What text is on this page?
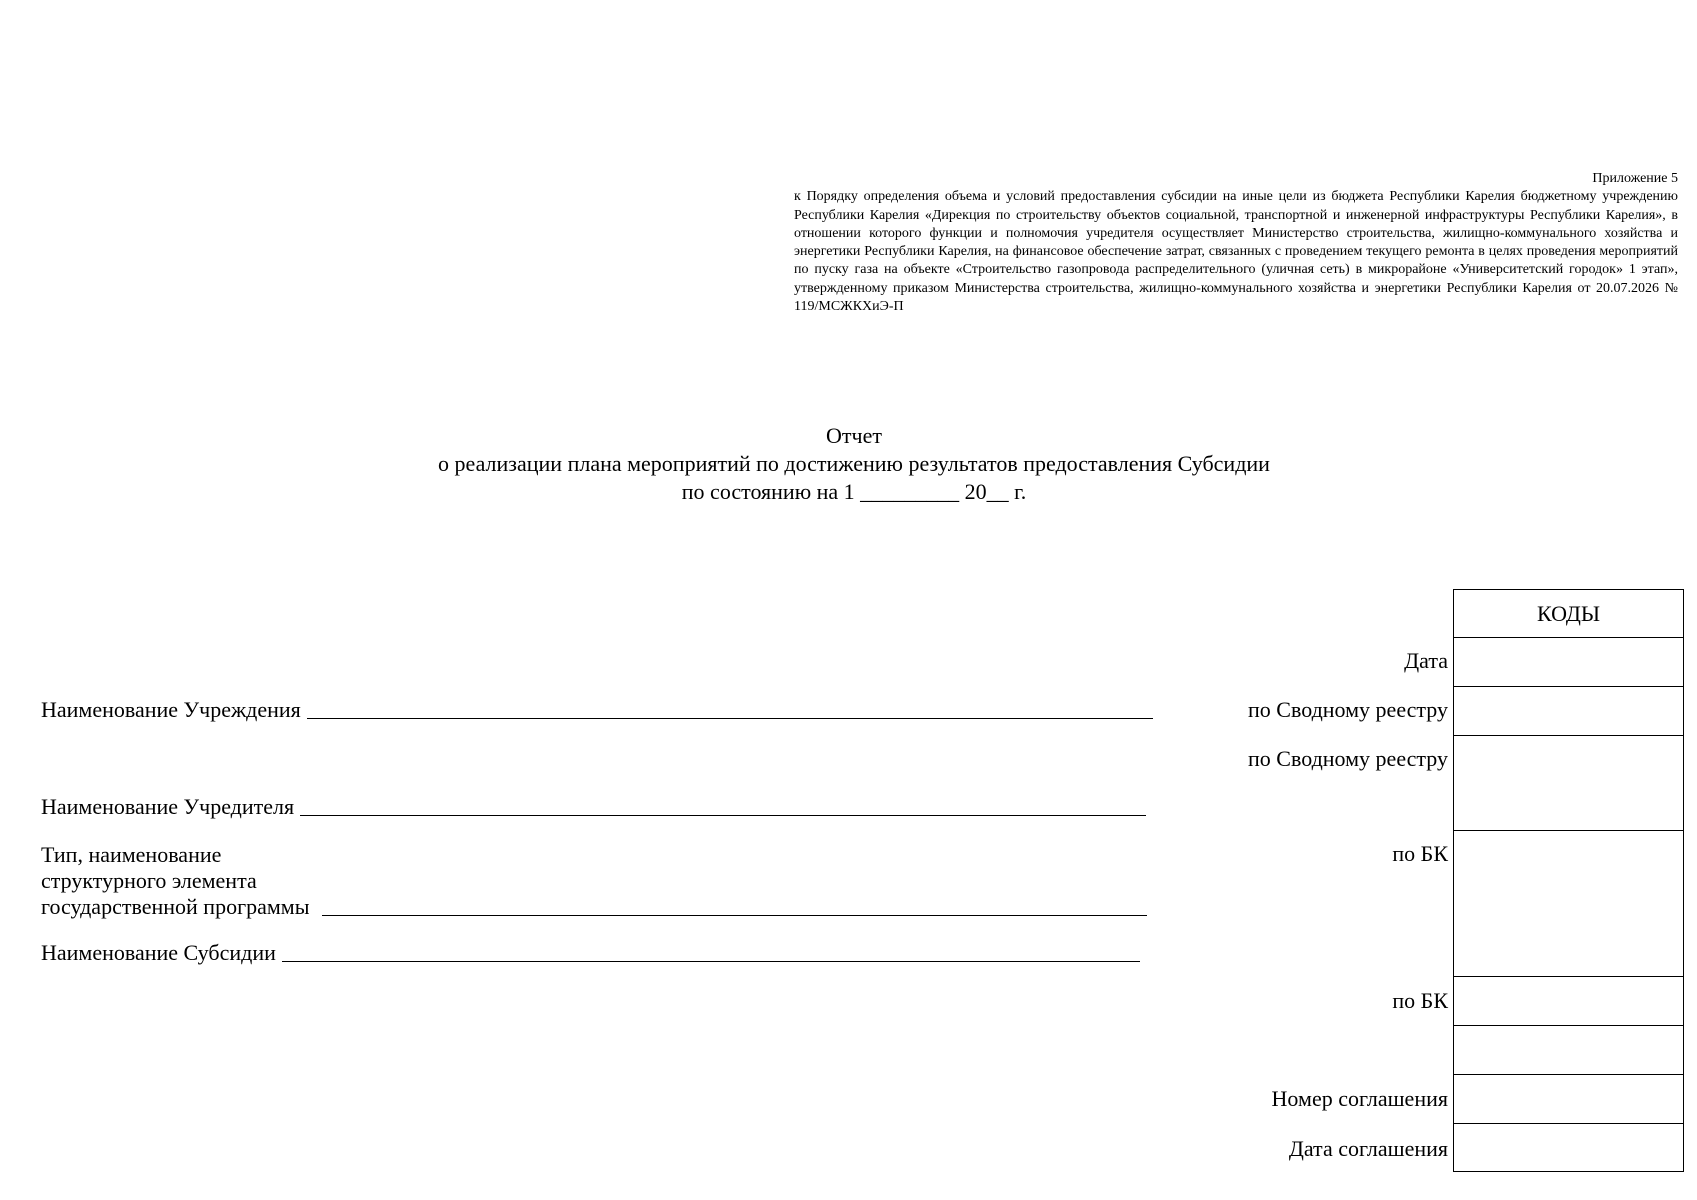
Приложение 5
к Порядку определения объема и условий предоставления субсидии на иные цели из бюджета Республики Карелия бюджетному учреждению Республики Карелия «Дирекция по строительству объектов социальной, транспортной и инженерной инфраструктуры Республики Карелия», в отношении которого функции и полномочия учредителя осуществляет Министерство строительства, жилищно-коммунального хозяйства и энергетики Республики Карелия, на финансовое обеспечение затрат, связанных с проведением текущего ремонта в целях проведения мероприятий по пуску газа на объекте «Строительство газопровода распределительного (уличная сеть) в микрорайоне «Университетский городок» 1 этап», утвержденному приказом Министерства строительства, жилищно-коммунального хозяйства и энергетики Республики Карелия от 20.07.2026 № 119/МСЖКХиЭ-П
Отчет
о реализации плана мероприятий по достижению результатов предоставления Субсидии
по состоянию на 1 _________ 20__ г.
Наименование Учреждения
Наименование Учредителя
Тип, наименование
структурного элемента
государственной программы
Наименование Субсидии
Дата
по Сводному реестру
по Сводному реестру
по БК
по БК
Номер соглашения
Дата соглашения
КОДЫ
